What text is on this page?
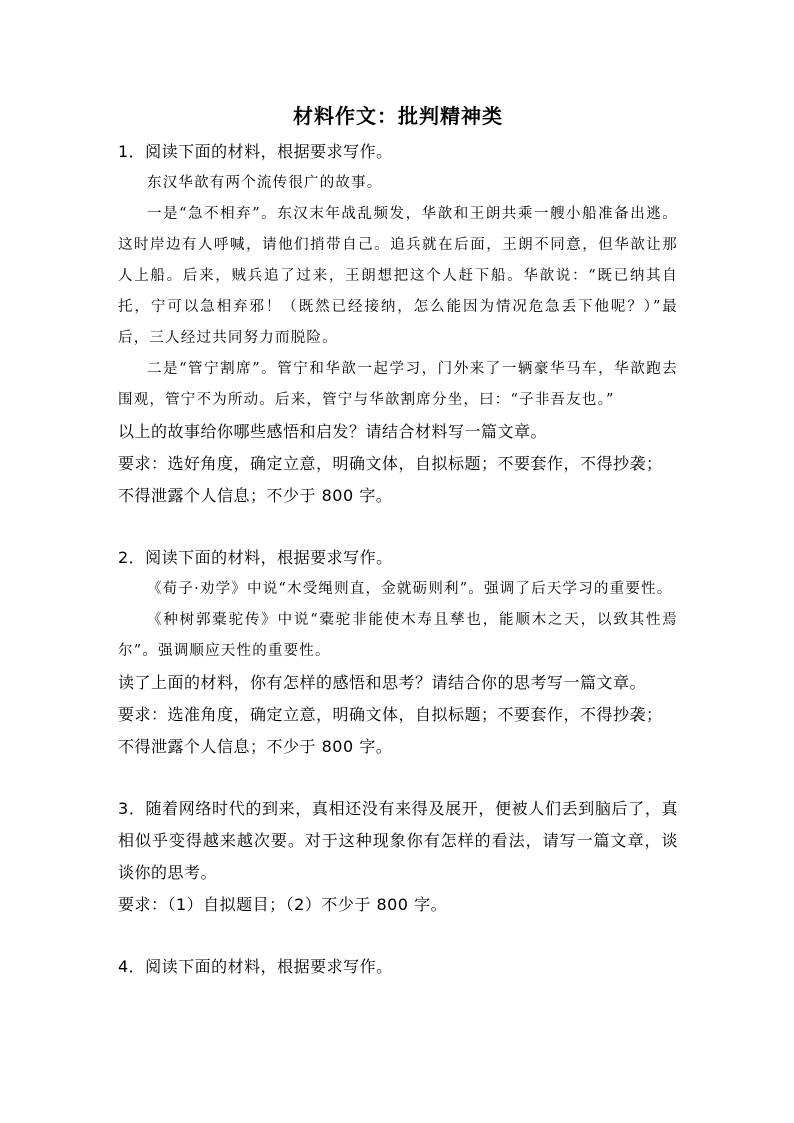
材料作文：批判精神类

1．阅读下面的材料，根据要求写作。

东汉华歆有两个流传很广的故事。

一是“急不相弃”。东汉末年战乱频发，华歆和王朗共乘一艘小船准备出逃。这时岸边有人呼喊，请他们捎带自己。追兵就在后面，王朗不同意，但华歆让那人上船。后来，贼兵追了过来，王朗想把这个人赶下船。华歆说：“既已纳其自托，宁可以急相弃邪！（既然已经接纳，怎么能因为情况危急丢下他呢？）”最后，三人经过共同努力而脱险。

二是“管宁割席”。管宁和华歆一起学习，门外来了一辆豪华马车，华歆跑去围观，管宁不为所动。后来，管宁与华歆割席分坐，曰：“子非吾友也。”

以上的故事给你哪些感悟和启发？请结合材料写一篇文章。

要求：选好角度，确定立意，明确文体，自拟标题；不要套作，不得抄袭；不得泄露个人信息；不少于 800 字。

2．阅读下面的材料，根据要求写作。

《荀子·劝学》中说“木受绳则直，金就砺则利”。强调了后天学习的重要性。

《种树郭橐驼传》中说“橐驼非能使木寿且孳也，能顺木之天，以致其性焉尔”。强调顺应天性的重要性。

读了上面的材料，你有怎样的感悟和思考？请结合你的思考写一篇文章。

要求：选准角度，确定立意，明确文体，自拟标题；不要套作，不得抄袭；不得泄露个人信息；不少于 800 字。

3．随着网络时代的到来，真相还没有来得及展开，便被人们丢到脑后了，真相似乎变得越来越次要。对于这种现象你有怎样的看法，请写一篇文章，谈谈你的思考。

要求：（1）自拟题目；（2）不少于 800 字。

4．阅读下面的材料，根据要求写作。
